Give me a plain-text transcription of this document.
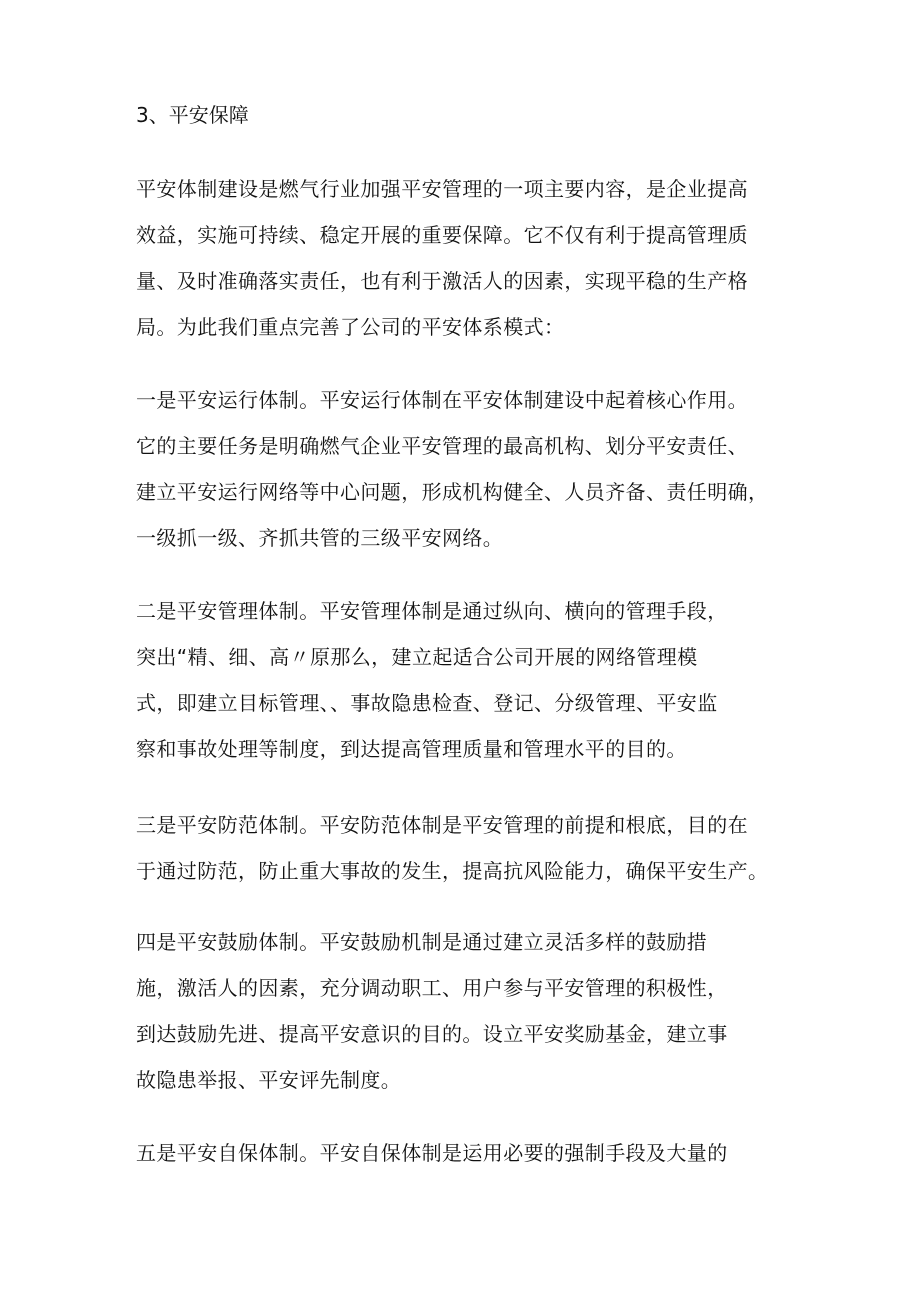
3、平安保障
平安体制建设是燃气行业加强平安管理的一项主要内容，是企业提高
效益，实施可持续、稳定开展的重要保障。它不仅有利于提高管理质
量、及时准确落实责任，也有利于激活人的因素，实现平稳的生产格
局。为此我们重点完善了公司的平安体系模式：
一是平安运行体制。平安运行体制在平安体制建设中起着核心作用。
它的主要任务是明确燃气企业平安管理的最高机构、划分平安责任、
建立平安运行网络等中心问题，形成机构健全、人员齐备、责任明确，
一级抓一级、齐抓共管的三级平安网络。
二是平安管理体制。平安管理体制是通过纵向、横向的管理手段，
突出“精、细、高〃原那么，建立起适合公司开展的网络管理模
式，即建立目标管理、、事故隐患检查、登记、分级管理、平安监
察和事故处理等制度，到达提高管理质量和管理水平的目的。
三是平安防范体制。平安防范体制是平安管理的前提和根底，目的在
于通过防范，防止重大事故的发生，提高抗风险能力，确保平安生产。
四是平安鼓励体制。平安鼓励机制是通过建立灵活多样的鼓励措
施，激活人的因素，充分调动职工、用户参与平安管理的积极性，
到达鼓励先进、提高平安意识的目的。设立平安奖励基金，建立事
故隐患举报、平安评先制度。
五是平安自保体制。平安自保体制是运用必要的强制手段及大量的
